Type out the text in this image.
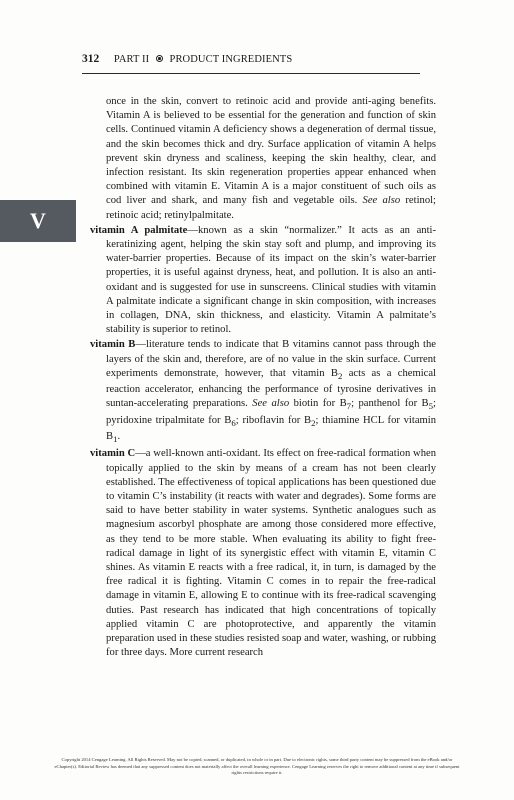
312 PART II PRODUCT INGREDIENTS
V

once in the skin, convert to retinoic acid and provide anti-aging benefits. Vitamin A is believed to be essential for the generation and function of skin cells. Continued vitamin A deficiency shows a degeneration of dermal tissue, and the skin becomes thick and dry. Surface application of vitamin A helps prevent skin dryness and scaliness, keeping the skin healthy, clear, and infection resistant. Its skin regeneration properties appear enhanced when combined with vitamin E. Vitamin A is a major constituent of such oils as cod liver and shark, and many fish and vegetable oils. See also retinol; retinoic acid; retinylpalmitate.

vitamin A palmitate—known as a skin “normalizer.” It acts as an anti-keratinizing agent, helping the skin stay soft and plump, and improving its water-barrier properties. Because of its impact on the skin’s water-barrier properties, it is useful against dryness, heat, and pollution. It is also an anti-oxidant and is suggested for use in sunscreens. Clinical studies with vitamin A palmitate indicate a significant change in skin composition, with increases in collagen, DNA, skin thickness, and elasticity. Vitamin A palmitate’s stability is superior to retinol.

vitamin B—literature tends to indicate that B vitamins cannot pass through the layers of the skin and, therefore, are of no value in the skin surface. Current experiments demonstrate, however, that vitamin $B_2$ acts as a chemical reaction accelerator, enhancing the performance of tyrosine derivatives in suntan-accelerating preparations. See also biotin for $B_7$; panthenol for $B_5$; pyridoxine tripalmitate for $B_6$; riboflavin for $B_2$; thiamine HCL for vitamin $B_1$.

vitamin C—a well-known anti-oxidant. Its effect on free-radical formation when topically applied to the skin by means of a cream has not been clearly established. The effectiveness of topical applications has been questioned due to vitamin C’s instability (it reacts with water and degrades). Some forms are said to have better stability in water systems. Synthetic analogues such as magnesium ascorbyl phosphate are among those considered more effective, as they tend to be more stable. When evaluating its ability to fight free-radical damage in light of its synergistic effect with vitamin E, vitamin C shines. As vitamin E reacts with a free radical, it, in turn, is damaged by the free radical it is fighting. Vitamin C comes in to repair the free-radical damage in vitamin E, allowing E to continue with its free-radical scavenging duties. Past research has indicated that high concentrations of topically applied vitamin C are photoprotective, and apparently the vitamin preparation used in these studies resisted soap and water, washing, or rubbing for three days. More current research

Copyright 2014 Cengage Learning. All Rights Reserved. May not be copied, scanned, or duplicated, in whole or in part. Due to electronic rights, some third party content may be suppressed from the eBook and/or eChapter(s). Editorial Review has deemed that any suppressed content does not materially affect the overall learning experience. Cengage Learning reserves the right to remove additional content at any time if subsequent rights restrictions require it.
